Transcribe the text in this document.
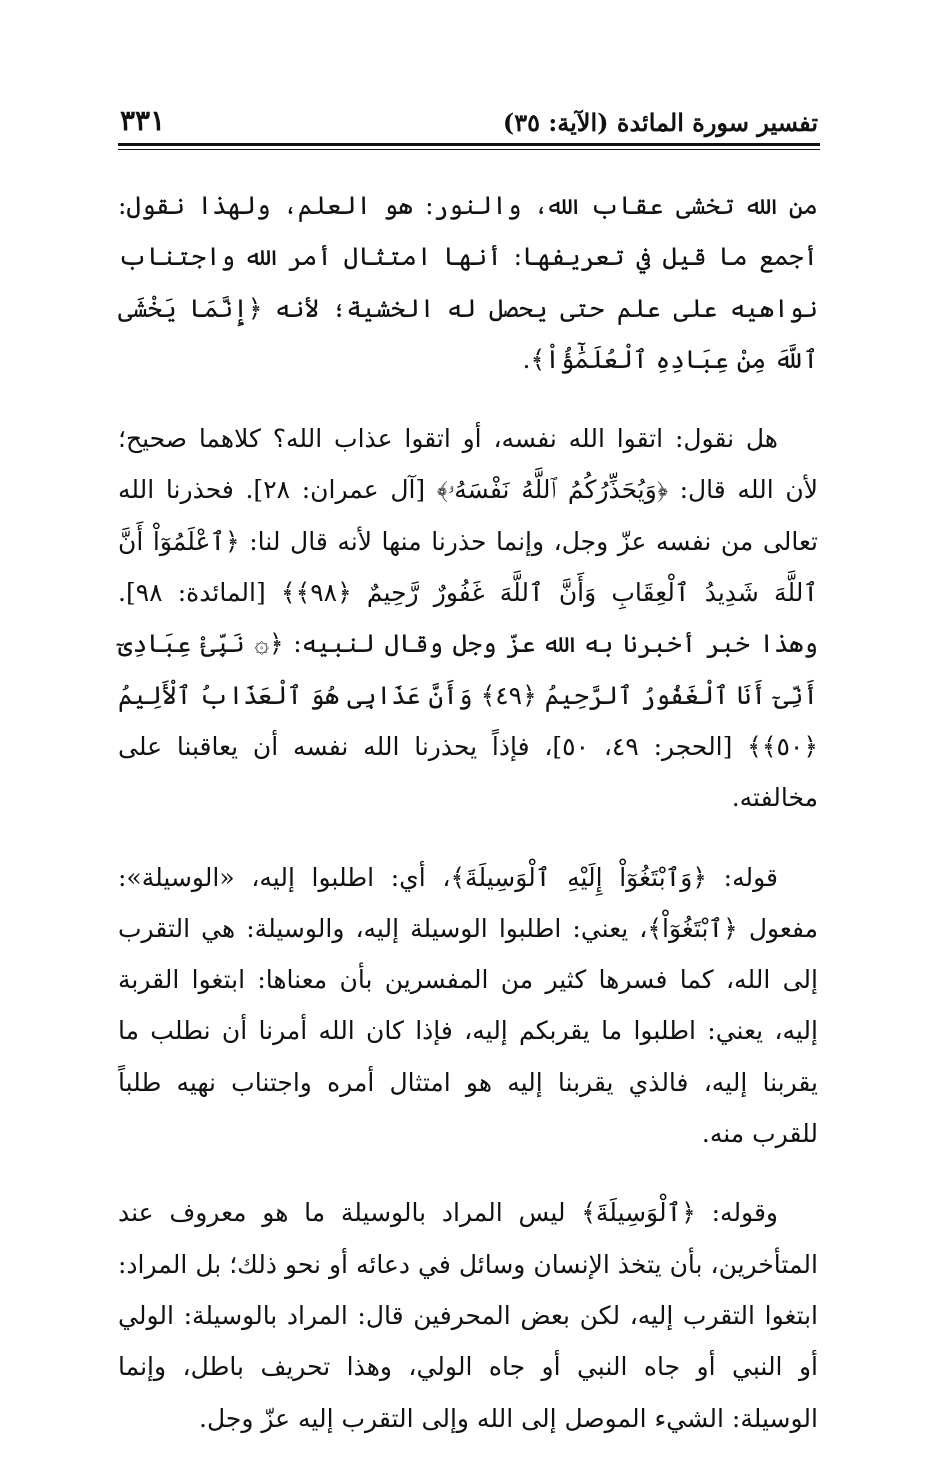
تفسير سورة المائدة (الآية: ٣٥)
٣٣١

من الله تخشى عقاب الله، والنور: هو العلم، ولهذا نقول: أجمع ما قيل في تعريفها: أنها امتثال أمر الله واجتناب نواهيه على علم حتى يحصل له الخشية؛ لأنه ﴿إِنَّمَا يَخْشَى ٱللَّهَ مِنْ عِبَادِهِ ٱلْعُلَمَٰٓؤُاْ﴾.

هل نقول: اتقوا الله نفسه، أو اتقوا عذاب الله؟ كلاهما صحيح؛ لأن الله قال: ﴿وَيُحَذِّرُكُمُ ٱللَّهُ نَفْسَهُۥ﴾ [آل عمران: ٢٨]. فحذرنا الله تعالى من نفسه عزّ وجل، وإنما حذرنا منها لأنه قال لنا: ﴿ٱعْلَمُوٓاْ أَنَّ ٱللَّهَ شَدِيدُ ٱلْعِقَابِ وَأَنَّ ٱللَّهَ غَفُورٌ رَّحِيمٌ ﴿٩٨﴾﴾ [المائدة: ٩٨]. وهذا خبر أخبرنا به الله عزّ وجل وقال لنبيه: ﴿۞ نَبِّئْ عِبَادِىٓ أَنِّىٓ أَنَا ٱلْغَفُورُ ٱلرَّحِيمُ ﴿٤٩﴾ وَأَنَّ عَذَابِى هُوَ ٱلْعَذَابُ ٱلْأَلِيمُ ﴿٥٠﴾﴾ [الحجر: ٤٩، ٥٠]، فإذاً يحذرنا الله نفسه أن يعاقبنا على مخالفته.

قوله: ﴿وَٱبْتَغُوٓاْ إِلَيْهِ ٱلْوَسِيلَةَ﴾، أي: اطلبوا إليه، «الوسيلة»: مفعول ﴿ٱبْتَغُوٓاْ﴾، يعني: اطلبوا الوسيلة إليه، والوسيلة: هي التقرب إلى الله، كما فسرها كثير من المفسرين بأن معناها: ابتغوا القربة إليه، يعني: اطلبوا ما يقربكم إليه، فإذا كان الله أمرنا أن نطلب ما يقربنا إليه، فالذي يقربنا إليه هو امتثال أمره واجتناب نهيه طلباً للقرب منه.

وقوله: ﴿ٱلْوَسِيلَةَ﴾ ليس المراد بالوسيلة ما هو معروف عند المتأخرين، بأن يتخذ الإنسان وسائل في دعائه أو نحو ذلك؛ بل المراد: ابتغوا التقرب إليه، لكن بعض المحرفين قال: المراد بالوسيلة: الولي أو النبي أو جاه النبي أو جاه الولي، وهذا تحريف باطل، وإنما الوسيلة: الشيء الموصل إلى الله وإلى التقرب إليه عزّ وجل.
